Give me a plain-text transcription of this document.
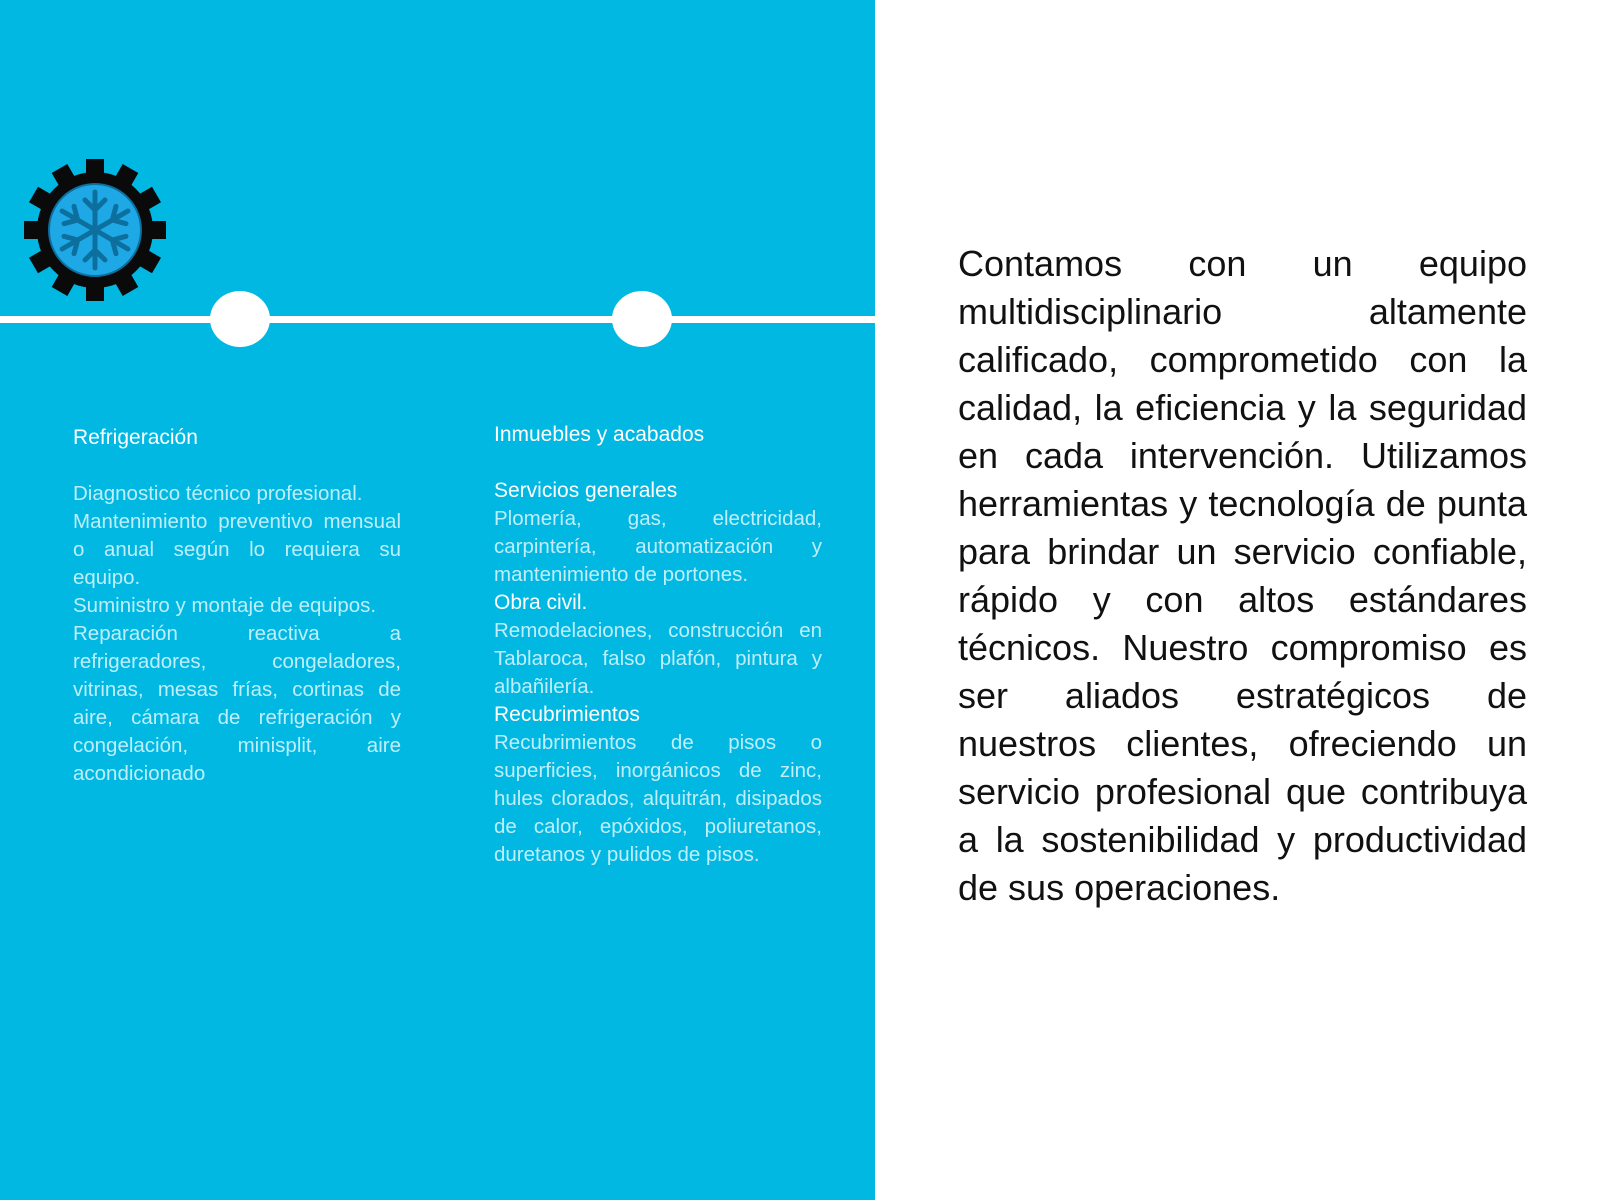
Refrigeración

Diagnostico técnico profesional.

Mantenimiento preventivo mensual o anual según lo requiera su equipo.

Suministro y montaje de equipos.

Reparación reactiva a refrigeradores, congeladores, vitrinas, mesas frías, cortinas de aire, cámara de refrigeración y congelación, minisplit, aire acondicionado

Inmuebles y acabados
Servicios generales

Plomería, gas, electricidad, carpintería, automatización y mantenimiento de portones.

Obra civil.

Remodelaciones, construcción en Tablaroca, falso plafón, pintura y albañilería.

Recubrimientos

Recubrimientos de pisos o superficies, inorgánicos de zinc, hules clorados, alquitrán, disipados de calor, epóxidos, poliuretanos, duretanos y pulidos de pisos.

Contamos con un equipo multidisciplinario altamente calificado, comprometido con la calidad, la eficiencia y la seguridad en cada intervención. Utilizamos herramientas y tecnología de punta para brindar un servicio confiable, rápido y con altos estándares técnicos. Nuestro compromiso es ser aliados estratégicos de nuestros clientes, ofreciendo un servicio profesional que contribuya a la sostenibilidad y productividad de sus operaciones.
